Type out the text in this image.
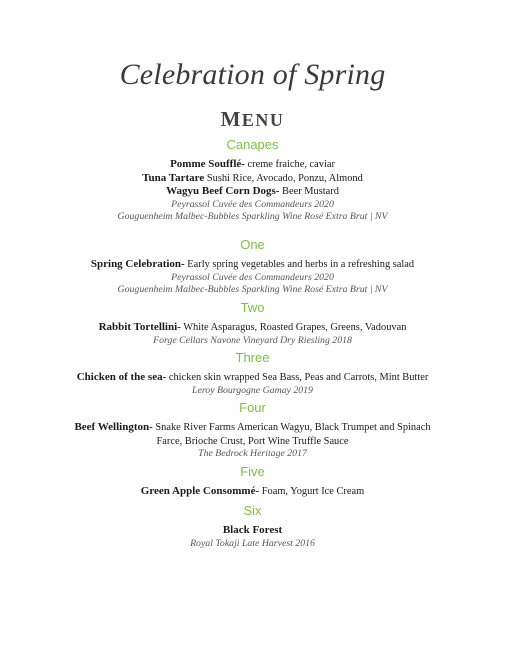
Celebration of Spring
MENU
Canapes
Pomme Soufflé- creme fraiche, caviar
Tuna Tartare Sushi Rice, Avocado, Ponzu, Almond
Wagyu Beef Corn Dogs- Beer Mustard
Peyrassol Cuvée des Commandeurs 2020
Gouguenheim Malbec-Bubbles Sparkling Wine Rosé Extra Brut | NV
One
Spring Celebration- Early spring vegetables and herbs in a refreshing salad
Peyrassol Cuvée des Commandeurs 2020
Gouguenheim Malbec-Bubbles Sparkling Wine Rosé Extra Brut | NV
Two
Rabbit Tortellini- White Asparagus, Roasted Grapes, Greens, Vadouvan
Forge Cellars Navone Vineyard Dry Riesling 2018
Three
Chicken of the sea- chicken skin wrapped Sea Bass, Peas and Carrots, Mint Butter
Leroy Bourgogne Gamay 2019
Four
Beef Wellington- Snake River Farms American Wagyu, Black Trumpet and Spinach
Farce, Brioche Crust, Port Wine Truffle Sauce
The Bedrock Heritage 2017
Five
Green Apple Consommé- Foam, Yogurt Ice Cream
Six
Black Forest
Royal Tokaji Late Harvest 2016
